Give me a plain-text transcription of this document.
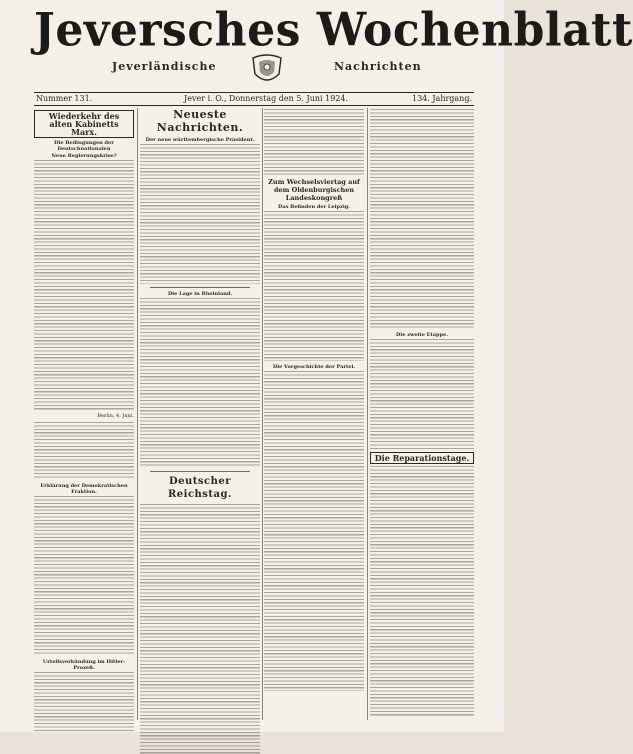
Jeversches Wochenblatt
Jeverländische	Nachrichten
Nummer 131.	Jever i. O., Donnerstag den 5. Juni 1924.	134. Jahrgang.
Wiederkehr des alten Kabinetts Marx.
Die Bedingungen der Deutschnationalen
Neue Regierungskrise?
Berlin, 4. Juni.
Erklärung der Demokratischen Fraktion.
Urteilsverkündung im Hitler-Prozeß.
Neueste Nachrichten.
Der neue württembergische Präsident.
Die Lage in Rheinland.
Deutscher Reichstag.
Zum Wechselsviertag auf dem Oldenburgischen Landeskongreß
Das Befinden der Leipzig.
Die Vorgeschichte der Partei.
Die zweite Etappe.
Die Reparationstage.
